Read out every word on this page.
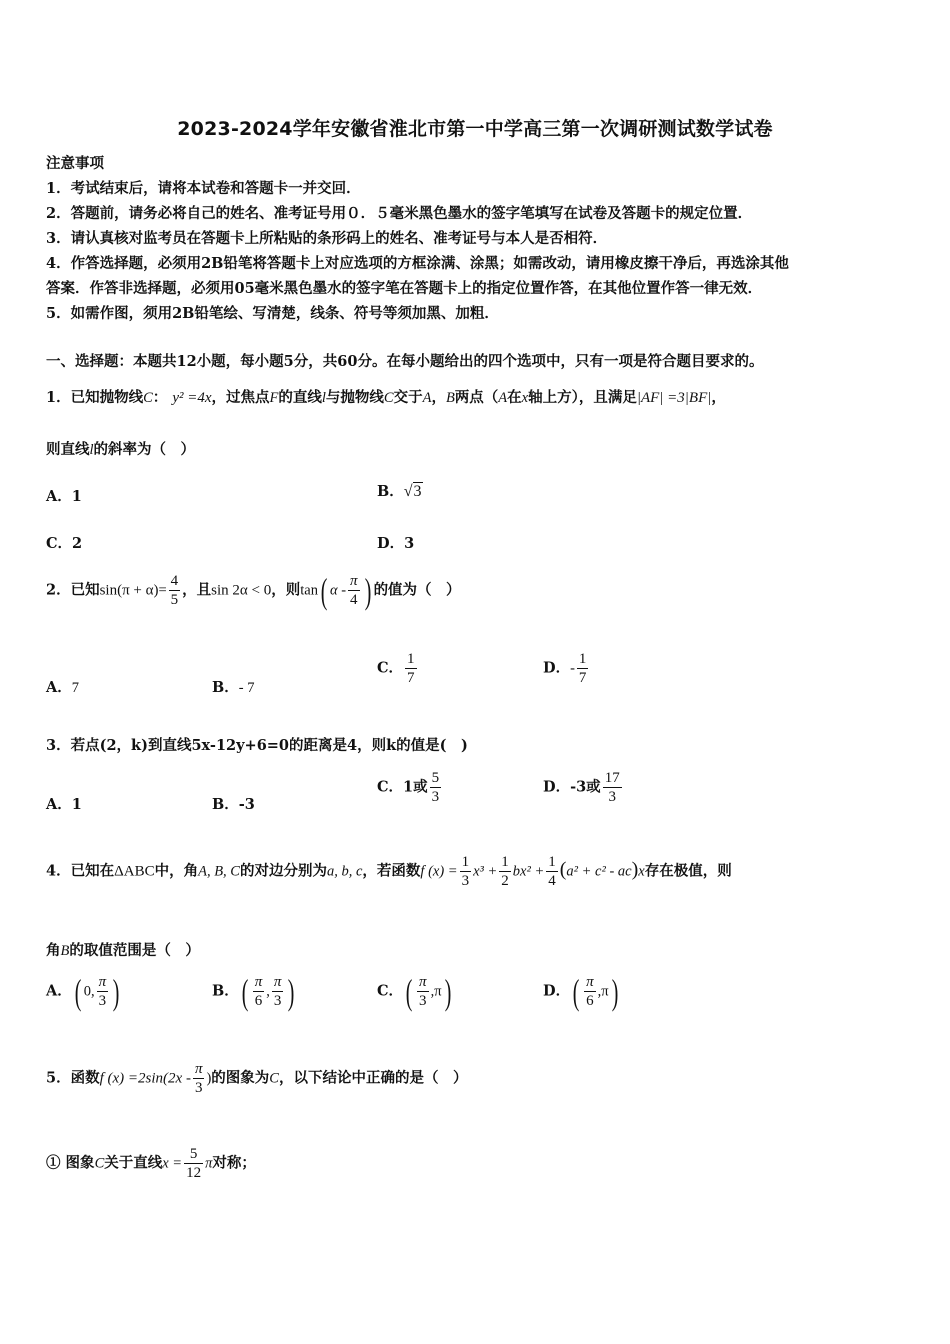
2023-2024学年安徽省淮北市第一中学高三第一次调研测试数学试卷
注意事项
1．考试结束后，请将本试卷和答题卡一并交回．
2．答题前，请务必将自己的姓名、准考证号用０．５毫米黑色墨水的签字笔填写在试卷及答题卡的规定位置．
3．请认真核对监考员在答题卡上所粘贴的条形码上的姓名、准考证号与本人是否相符．
4．作答选择题，必须用2B铅笔将答题卡上对应选项的方框涂满、涂黑；如需改动，请用橡皮擦干净后，再选涂其他
答案．作答非选择题，必须用05毫米黑色墨水的签字笔在答题卡上的指定位置作答，在其他位置作答一律无效．
5．如需作图，须用2B铅笔绘、写清楚，线条、符号等须加黑、加粗．
一、选择题：本题共12小题，每小题5分，共60分。在每小题给出的四个选项中，只有一项是符合题目要求的。
1．已知抛物线C： y² =4x，过焦点F的直线l与抛物线C交于A，B两点（A在x轴上方），且满足|AF| =3|BF|，
则直线l的斜率为（　）
A．1	B．√3
C．2	D．3
2．已知$\sin(\pi + \alpha)= \frac{4}{5}$ ，且sin 2α < 0，则tan( α - $\frac{\pi}{4}$ ) 的值为（　）
A．7	B．- 7
C． $\frac{1}{7}$	D．- $\frac{1}{7}$
3．若点(2，k)到直线5x-12y+6=0的距离是4，则k的值是(　)
A．1	B．-3
C．1或 $\frac{5}{3}$	D．-3或 $\frac{17}{3}$
4．已知在ΔABC中，角A, B, C的对边分别为a, b, c，若函数f $(x) = \frac{1}{3} x^3 + \frac{1}{2} bx^2 + \frac{1}{4} (a^2 + c^2 - ac)x$存在极值，则
角B的取值范围是（　）
A．( 0, $\frac{\pi}{3}$ )	B．( $\frac{\pi}{6}$ , $\frac{\pi}{3}$ )	C．( $\frac{\pi}{3} ,\pi$)	D．( $\frac{\pi}{6} ,\pi$)
5．函数f $(x) =2\sin(2x - \frac{\pi}{3}$ )的图象为C，以下结论中正确的是（　）
① 图象C关于直线$x = \frac{5}{12}$ π对称；
